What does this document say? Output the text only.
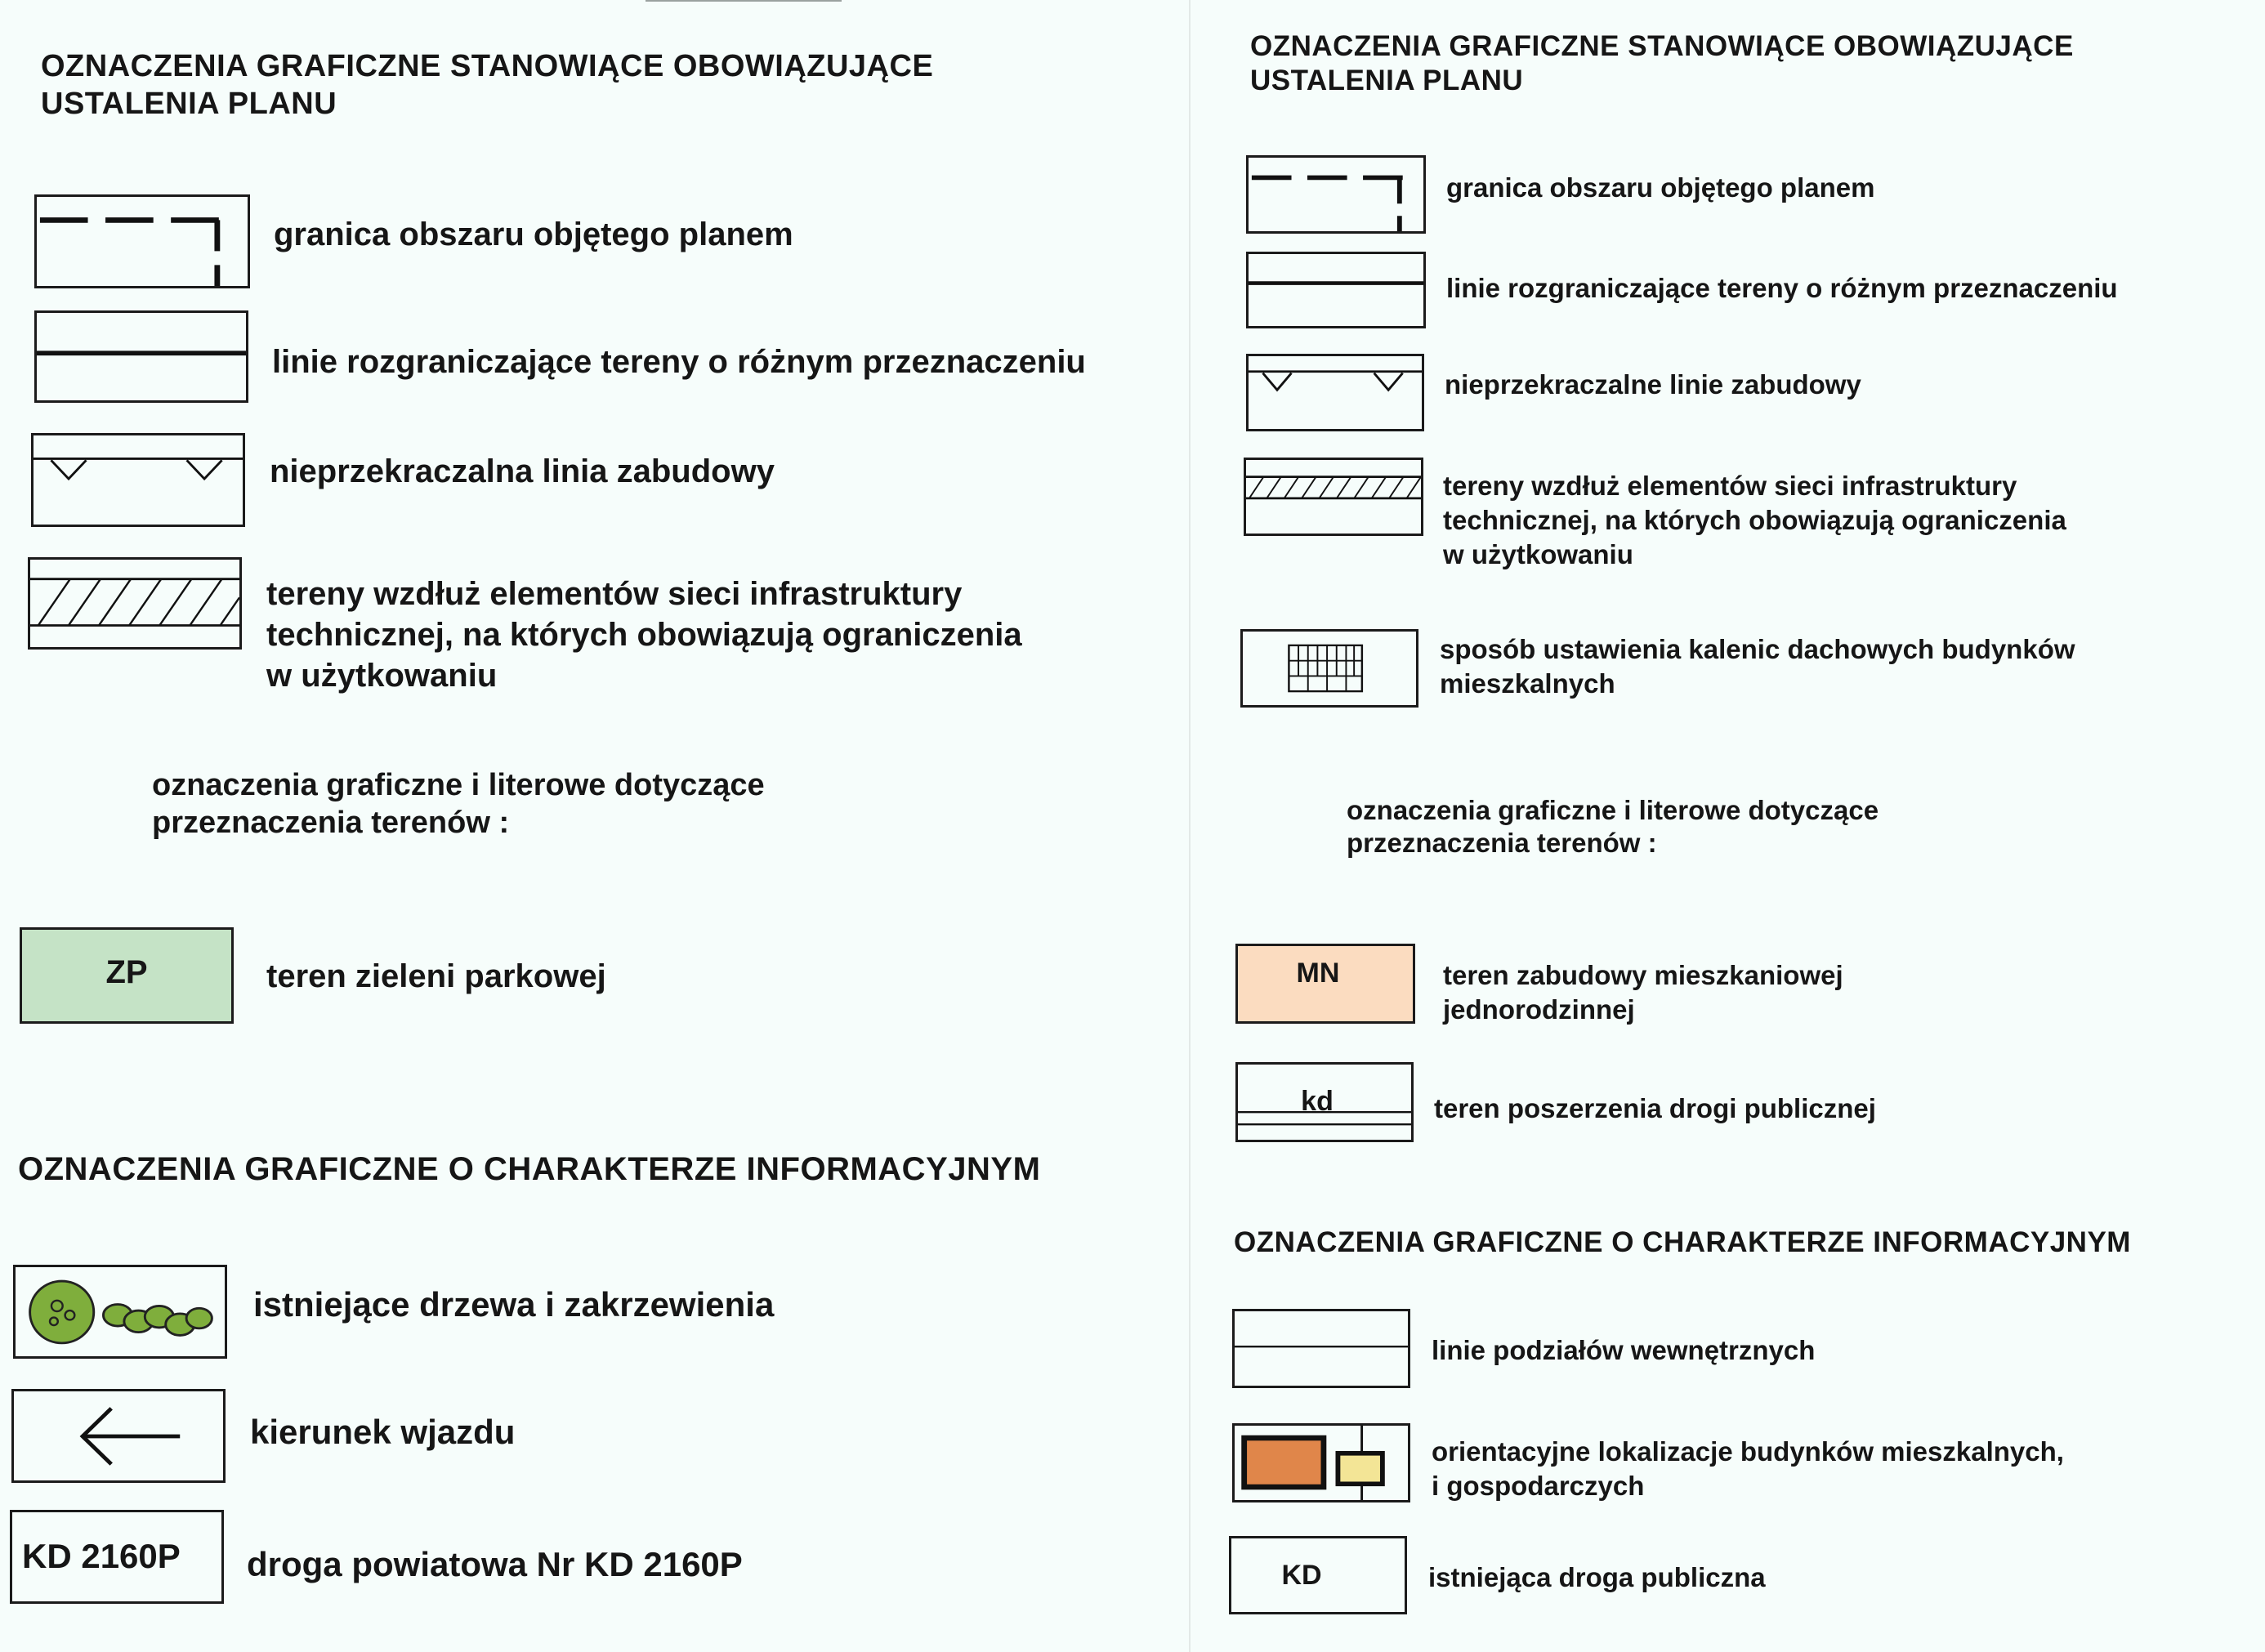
OZNACZENIA GRAFICZNE STANOWIĄCE OBOWIĄZUJĄCE
USTALENIA PLANU
granica obszaru objętego planem
linie rozgraniczające tereny o różnym przeznaczeniu
nieprzekraczalna linia zabudowy
tereny wzdłuż elementów sieci infrastruktury
technicznej, na których obowiązują ograniczenia
w użytkowaniu
oznaczenia graficzne i literowe dotyczące
przeznaczenia terenów :
ZP	teren zieleni parkowej
OZNACZENIA GRAFICZNE O CHARAKTERZE INFORMACYJNYM
istniejące drzewa i zakrzewienia
kierunek wjazdu
KD 2160P	droga powiatowa Nr KD 2160P
OZNACZENIA GRAFICZNE STANOWIĄCE OBOWIĄZUJĄCE
USTALENIA PLANU
granica obszaru objętego planem
linie rozgraniczające tereny o różnym przeznaczeniu
nieprzekraczalne linie zabudowy
tereny wzdłuż elementów sieci infrastruktury
technicznej, na których obowiązują ograniczenia
w użytkowaniu
sposób ustawienia kalenic dachowych budynków
mieszkalnych
oznaczenia graficzne i literowe dotyczące
przeznaczenia terenów :
MN	teren zabudowy mieszkaniowej
jednorodzinnej
kd	teren poszerzenia drogi publicznej
OZNACZENIA GRAFICZNE O CHARAKTERZE INFORMACYJNYM
linie podziałów wewnętrznych
orientacyjne lokalizacje budynków mieszkalnych,
i gospodarczych
KD	istniejąca droga publiczna
